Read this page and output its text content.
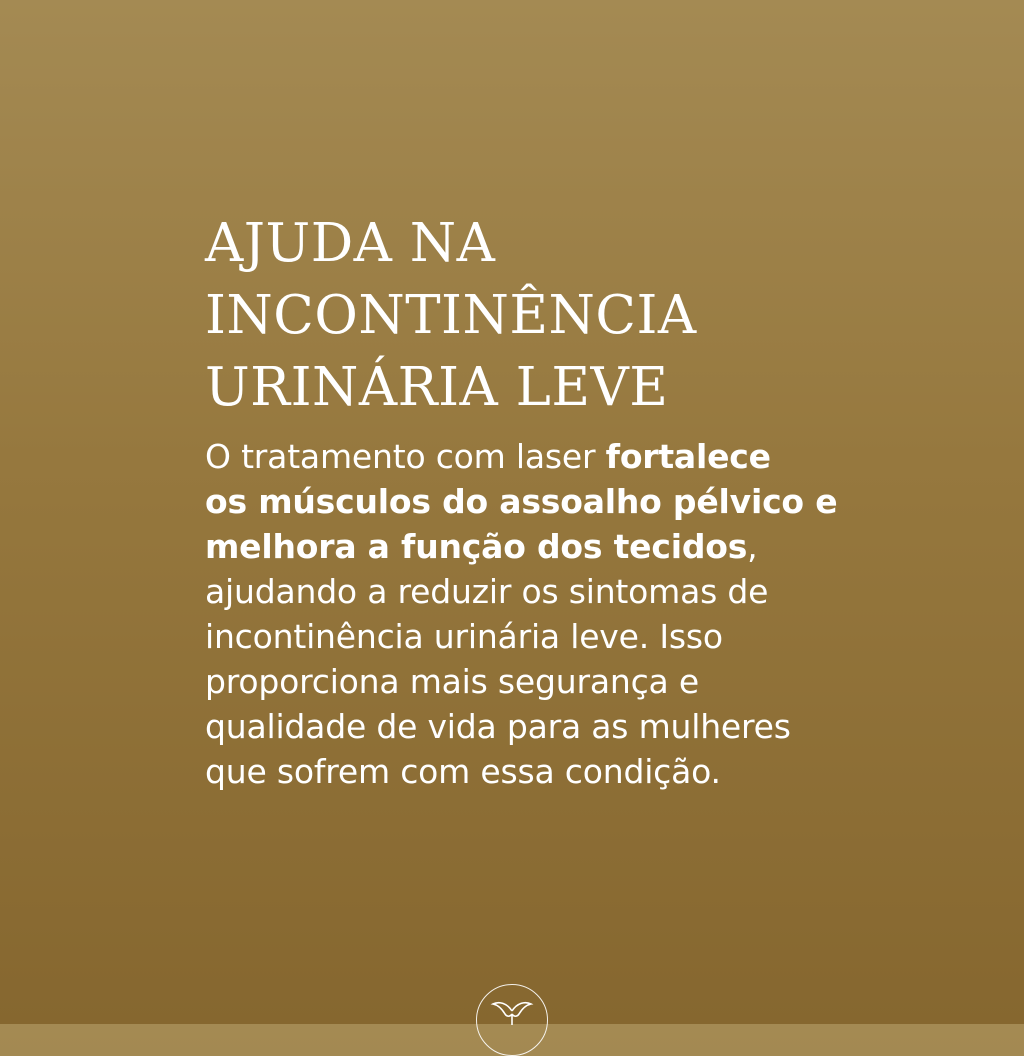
AJUDA NA
INCONTINÊNCIA
URINÁRIA LEVE

O tratamento com laser fortalece
os músculos do assoalho pélvico e
melhora a função dos tecidos,
ajudando a reduzir os sintomas de
incontinência urinária leve. Isso
proporciona mais segurança e
qualidade de vida para as mulheres
que sofrem com essa condição.
